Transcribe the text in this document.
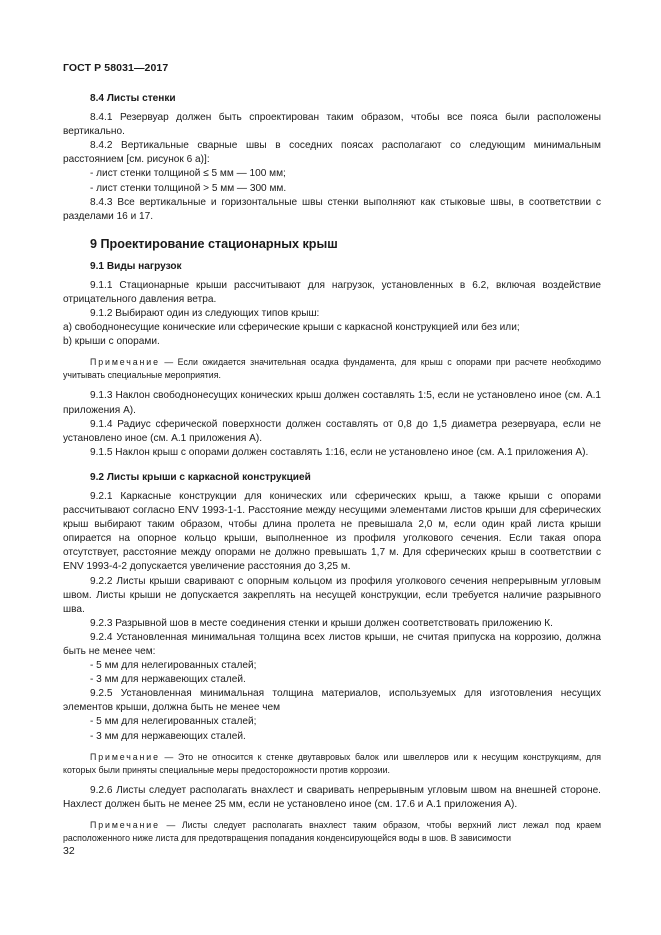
ГОСТ Р 58031—2017
8.4 Листы стенки

8.4.1 Резервуар должен быть спроектирован таким образом, чтобы все пояса были расположены вертикально.

8.4.2 Вертикальные сварные швы в соседних поясах располагают со следующим минимальным расстоянием [см. рисунок 6 а)]:

- лист стенки толщиной ≤ 5 мм — 100 мм;
- лист стенки толщиной > 5 мм — 300 мм.

8.4.3 Все вертикальные и горизонтальные швы стенки выполняют как стыковые швы, в соответствии с разделами 16 и 17.

9 Проектирование стационарных крыш
9.1 Виды нагрузок

9.1.1 Стационарные крыши рассчитывают для нагрузок, установленных в 6.2, включая воздействие отрицательного давления ветра.

9.1.2 Выбирают один из следующих типов крыш:

а) свободнонесущие конические или сферические крыши с каркасной конструкцией или без или;

b) крыши с опорами.

Примечание — Если ожидается значительная осадка фундамента, для крыш с опорами при расчете необходимо учитывать специальные мероприятия.

9.1.3 Наклон свободнонесущих конических крыш должен составлять 1:5, если не установлено иное (см. А.1 приложения А).

9.1.4 Радиус сферической поверхности должен составлять от 0,8 до 1,5 диаметра резервуара, если не установлено иное (см. А.1 приложения А).

9.1.5 Наклон крыш с опорами должен составлять 1:16, если не установлено иное (см. А.1 приложения А).

9.2 Листы крыши с каркасной конструкцией

9.2.1 Каркасные конструкции для конических или сферических крыш, а также крыши с опорами рассчитывают согласно ENV 1993-1-1. Расстояние между несущими элементами листов крыши для сферических крыш выбирают таким образом, чтобы длина пролета не превышала 2,0 м, если один край листа крыши опирается на опорное кольцо крыши, выполненное из профиля уголкового сечения. Если такая опора отсутствует, расстояние между опорами не должно превышать 1,7 м. Для сферических крыш в соответствии с ENV 1993-4-2 допускается увеличение расстояния до 3,25 м.

9.2.2 Листы крыши сваривают с опорным кольцом из профиля уголкового сечения непрерывным угловым швом. Листы крыши не допускается закреплять на несущей конструкции, если требуется наличие разрывного шва.

9.2.3 Разрывной шов в месте соединения стенки и крыши должен соответствовать приложению К.

9.2.4 Установленная минимальная толщина всех листов крыши, не считая припуска на коррозию, должна быть не менее чем:

- 5 мм для нелегированных сталей;
- 3 мм для нержавеющих сталей.

9.2.5 Установленная минимальная толщина материалов, используемых для изготовления несущих элементов крыши, должна быть не менее чем

- 5 мм для нелегированных сталей;
- 3 мм для нержавеющих сталей.

Примечание — Это не относится к стенке двутавровых балок или швеллеров или к несущим конструкциям, для которых были приняты специальные меры предосторожности против коррозии.

9.2.6 Листы следует располагать внахлест и сваривать непрерывным угловым швом на внешней стороне. Нахлест должен быть не менее 25 мм, если не установлено иное (см. 17.6 и А.1 приложения А).

Примечание — Листы следует располагать внахлест таким образом, чтобы верхний лист лежал под краем расположенного ниже листа для предотвращения попадания конденсирующейся воды в шов. В зависимости

32
